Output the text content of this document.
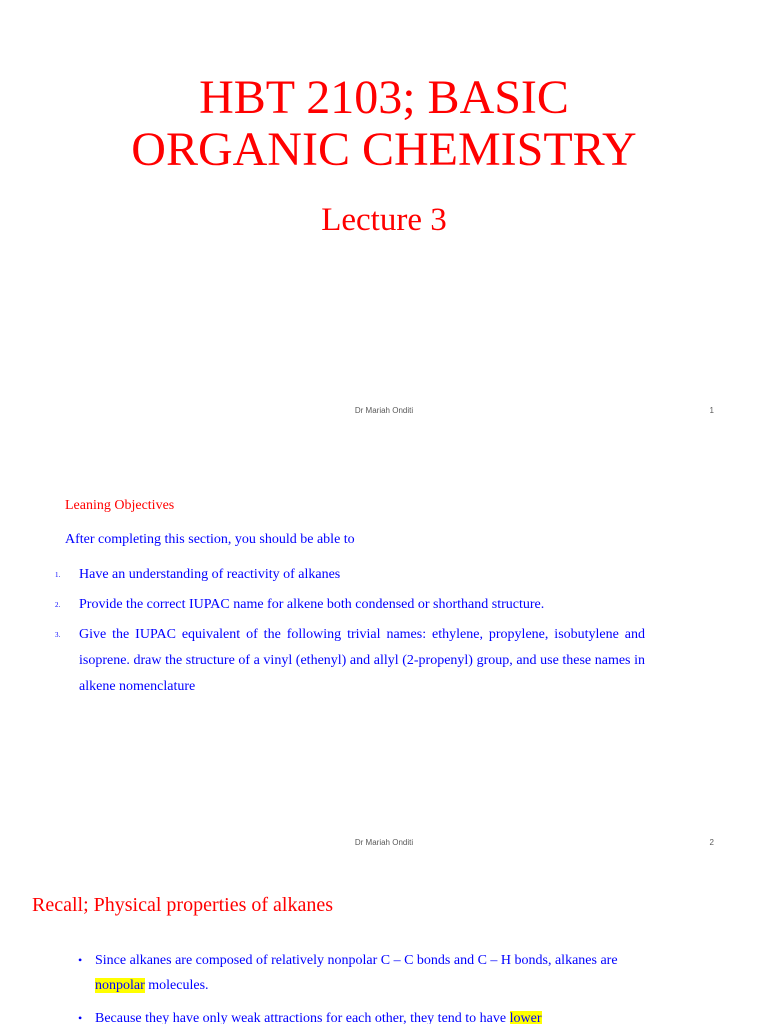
HBT 2103; BASIC
ORGANIC CHEMISTRY
Lecture 3
Dr Mariah Onditi	1
Leaning Objectives
After completing this section, you should be able to
1. Have an understanding of reactivity of alkanes
2. Provide the correct IUPAC name for alkene both condensed or shorthand structure.
3. Give the IUPAC equivalent of the following trivial names: ethylene, propylene, isobutylene and isoprene. draw the structure of a vinyl (ethenyl) and allyl (2-propenyl) group, and use these names in alkene nomenclature
Dr Mariah Onditi	2
Recall; Physical properties of alkanes
• Since alkanes are composed of relatively nonpolar C – C bonds and C – H bonds, alkanes are nonpolar molecules.
• Because they have only weak attractions for each other, they tend to have lower
